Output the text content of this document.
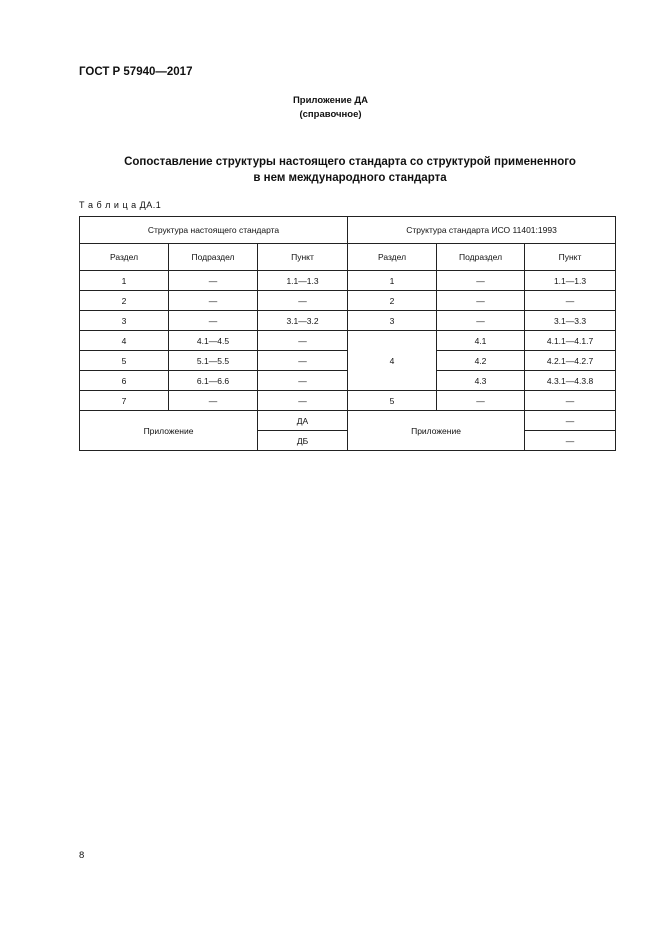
ГОСТ Р 57940—2017
Приложение ДА
(справочное)
Сопоставление структуры настоящего стандарта со структурой примененного
в нем международного стандарта
Т а б л и ц а ДА.1
Структура настоящего стандарта			Структура стандарта ИСО 11401:1993		
Раздел	Подраздел	Пункт	Раздел	Подраздел	Пункт
1	—	1.1—1.3	1	—	1.1—1.3
2	—	—	2	—	—
3	—	3.1—3.2	3	—	3.1—3.3
4	4.1—4.5	—	4	4.1	4.1.1—4.1.7
5	5.1—5.5	—		4.2	4.2.1—4.2.7
6	6.1—6.6	—		4.3	4.3.1—4.3.8
7	—	—	5	—	—
Приложение		ДА	Приложение		—
		ДБ			—
8
